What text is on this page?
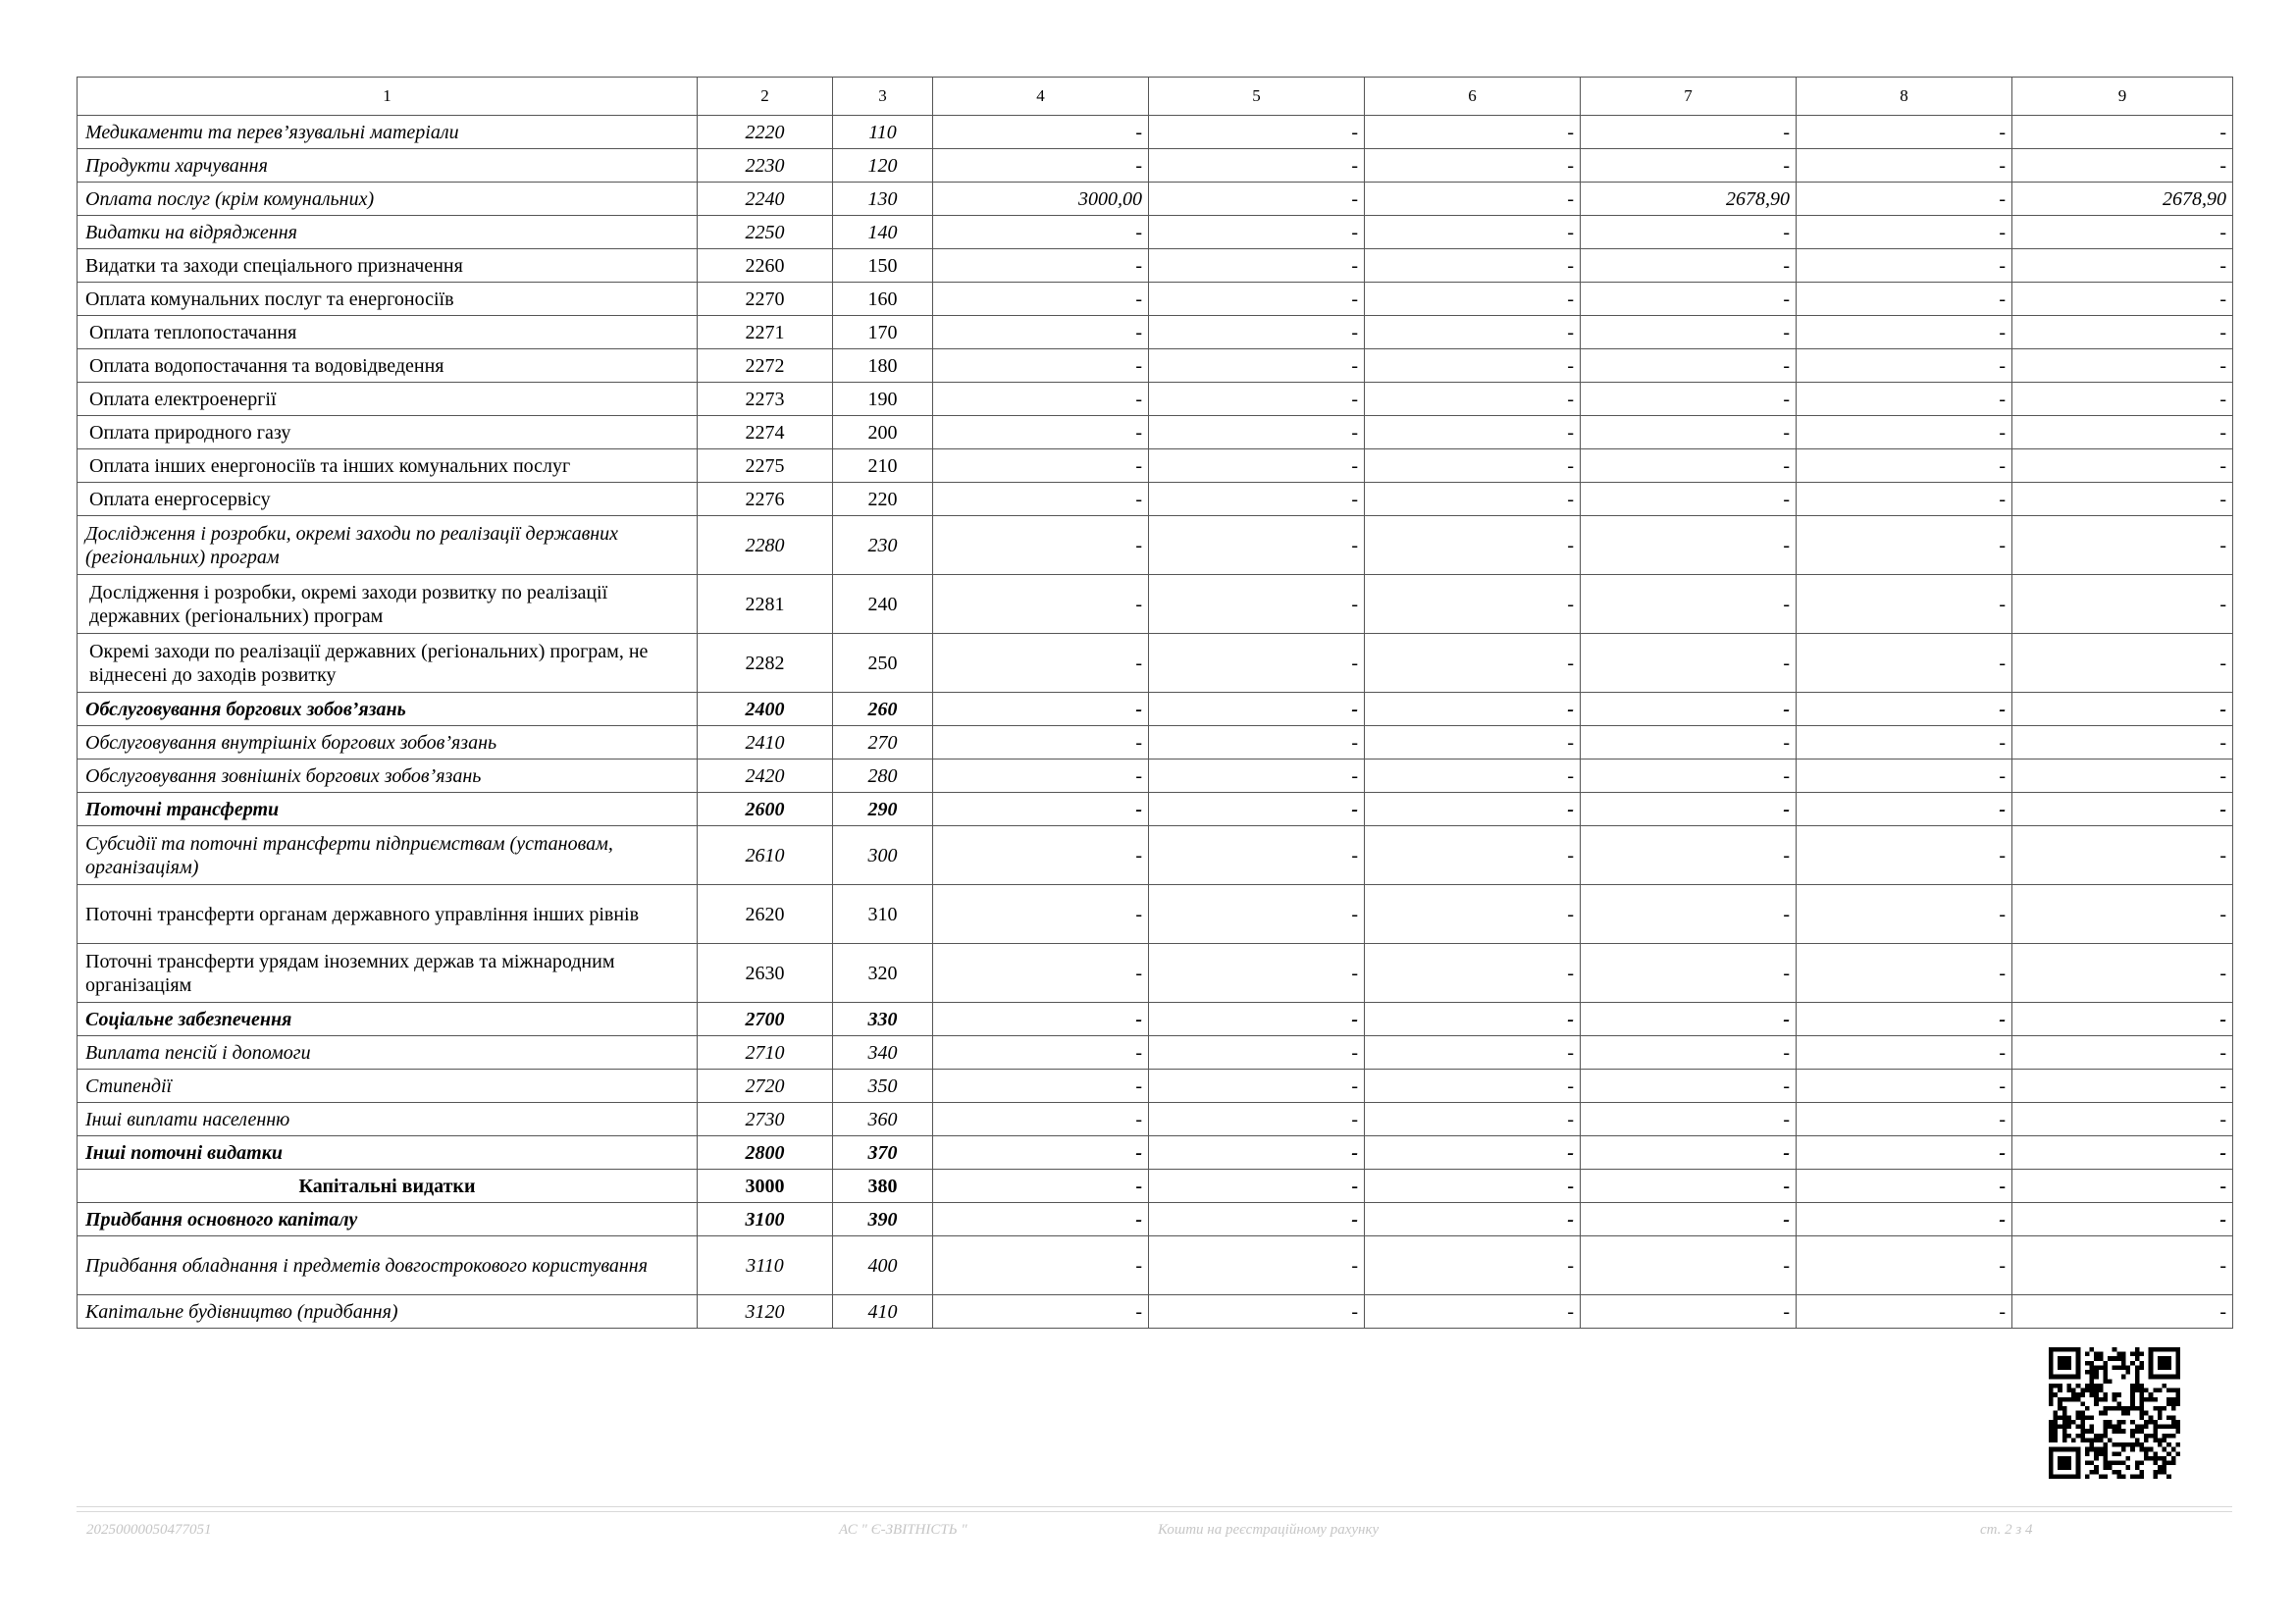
1	2	3	4	5	6	7	8	9
Медикаменти та перев’язувальні матеріали	2220	110	-	-	-	-	-	-
Продукти харчування	2230	120	-	-	-	-	-	-
Оплата послуг (крім комунальних)	2240	130	3000,00	-	-	2678,90	-	2678,90
Видатки на відрядження	2250	140	-	-	-	-	-	-
Видатки та заходи спеціального призначення	2260	150	-	-	-	-	-	-
Оплата комунальних послуг та енергоносіїв	2270	160	-	-	-	-	-	-
Оплата теплопостачання	2271	170	-	-	-	-	-	-
Оплата водопостачання та водовідведення	2272	180	-	-	-	-	-	-
Оплата електроенергії	2273	190	-	-	-	-	-	-
Оплата природного газу	2274	200	-	-	-	-	-	-
Оплата інших енергоносіїв та інших комунальних послуг	2275	210	-	-	-	-	-	-
Оплата енергосервісу	2276	220	-	-	-	-	-	-
Дослідження і розробки, окремі заходи по реалізації державних (регіональних) програм	2280	230	-	-	-	-	-	-
Дослідження і розробки, окремі заходи розвитку по реалізації державних (регіональних) програм	2281	240	-	-	-	-	-	-
Окремі заходи по реалізації державних (регіональних) програм, не віднесені до заходів розвитку	2282	250	-	-	-	-	-	-
Обслуговування боргових зобов’язань	2400	260	-	-	-	-	-	-
Обслуговування внутрішніх боргових зобов’язань	2410	270	-	-	-	-	-	-
Обслуговування зовнішніх боргових зобов’язань	2420	280	-	-	-	-	-	-
Поточні трансферти	2600	290	-	-	-	-	-	-
Субсидії та поточні трансферти підприємствам (установам, організаціям)	2610	300	-	-	-	-	-	-
Поточні трансферти органам державного управління інших рівнів	2620	310	-	-	-	-	-	-
Поточні трансферти урядам іноземних держав та міжнародним організаціям	2630	320	-	-	-	-	-	-
Соціальне забезпечення	2700	330	-	-	-	-	-	-
Виплата пенсій і допомоги	2710	340	-	-	-	-	-	-
Стипендії	2720	350	-	-	-	-	-	-
Інші виплати населенню	2730	360	-	-	-	-	-	-
Інші поточні видатки	2800	370	-	-	-	-	-	-
Капітальні видатки	3000	380	-	-	-	-	-	-
Придбання основного капіталу	3100	390	-	-	-	-	-	-
Придбання обладнання і предметів довгострокового користування	3110	400	-	-	-	-	-	-
Капітальне будівництво (придбання)	3120	410	-	-	-	-	-	-
20250000050477051	АС " Є-ЗВІТНІСТЬ "	Кошти на реєстраційному рахунку	ст. 2 з 4
